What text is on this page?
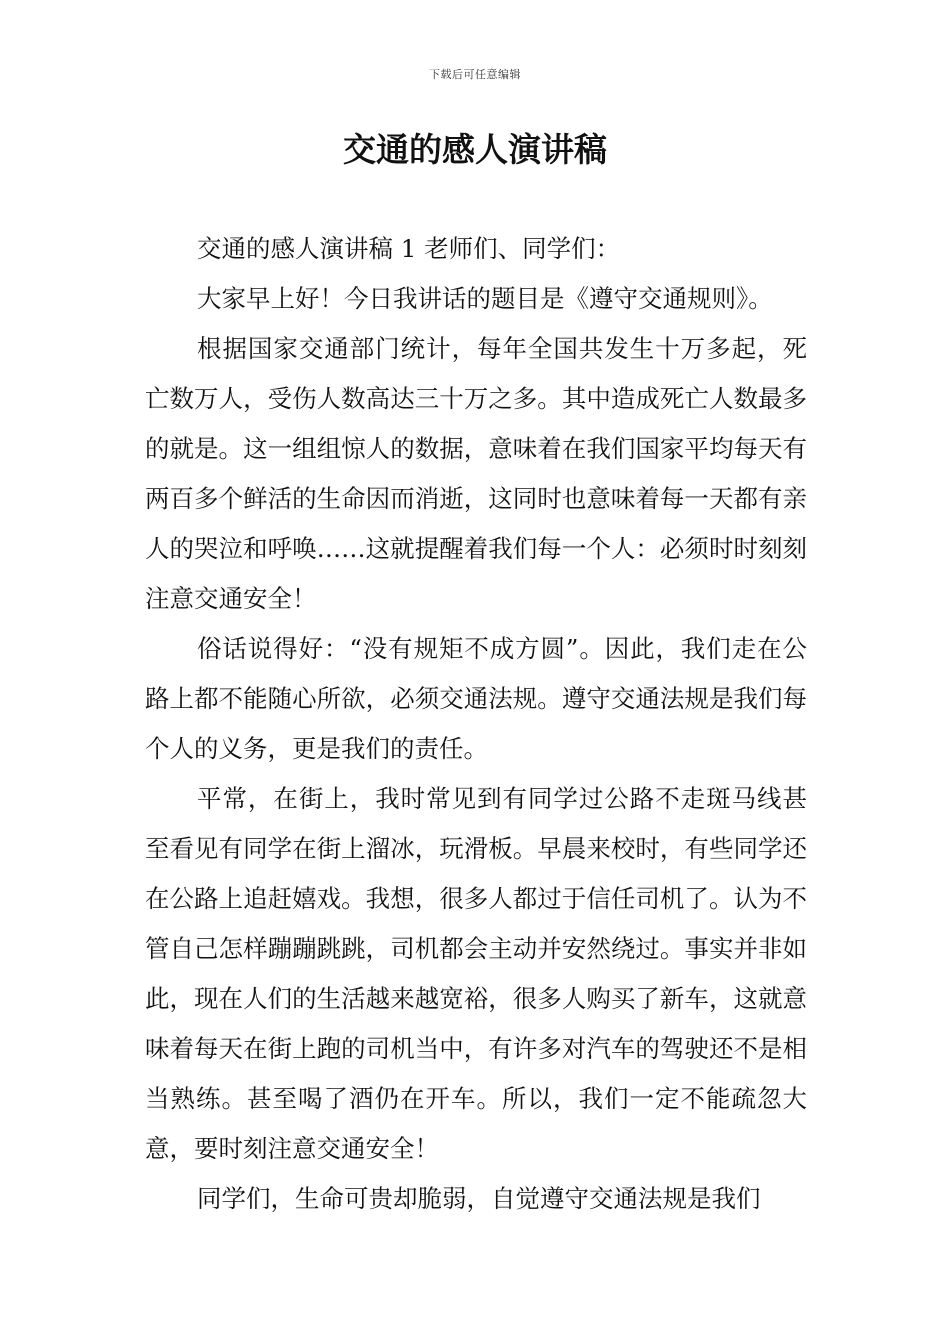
下载后可任意编辑
交通的感人演讲稿

交通的感人演讲稿 1 老师们、同学们：

大家早上好！今日我讲话的题目是《遵守交通规则》。

根据国家交通部门统计，每年全国共发生十万多起，死亡数万人，受伤人数高达三十万之多。其中造成死亡人数最多的就是。这一组组惊人的数据，意味着在我们国家平均每天有两百多个鲜活的生命因而消逝，这同时也意味着每一天都有亲人的哭泣和呼唤……这就提醒着我们每一个人：必须时时刻刻注意交通安全！

俗话说得好：“没有规矩不成方圆”。因此，我们走在公路上都不能随心所欲，必须交通法规。遵守交通法规是我们每个人的义务，更是我们的责任。

平常，在街上，我时常见到有同学过公路不走斑马线甚至看见有同学在街上溜冰，玩滑板。早晨来校时，有些同学还在公路上追赶嬉戏。我想，很多人都过于信任司机了。认为不管自己怎样蹦蹦跳跳，司机都会主动并安然绕过。事实并非如此，现在人们的生活越来越宽裕，很多人购买了新车，这就意味着每天在街上跑的司机当中，有许多对汽车的驾驶还不是相当熟练。甚至喝了酒仍在开车。所以，我们一定不能疏忽大意，要时刻注意交通安全！

同学们，生命可贵却脆弱，自觉遵守交通法规是我们
